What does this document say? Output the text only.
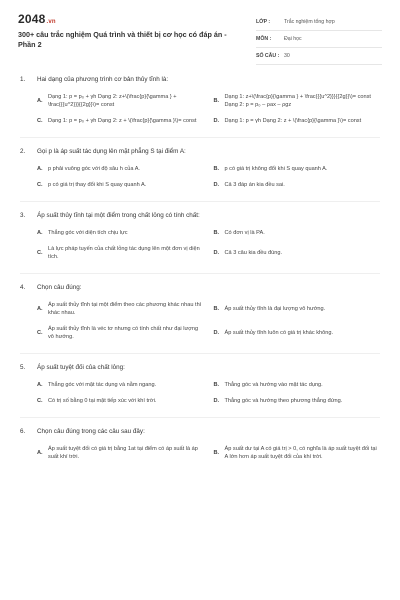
2048.vn
300+ câu trắc nghiệm Quá trình và thiết bị cơ học có đáp án - Phần 2
LỚP :	Trắc nghiệm tổng hợp
MÔN :	Đại học
SỐ CÂU : 30
1. Hai dạng của phương trình cơ bản thủy tĩnh là:
A.
Dạng 1: p = p₀ + γh Dạng 2: z+\(\frac{p}{\gamma } + \frac{{{u^2}}}{{2g}}\)= const
B.
Dạng 1: z+\(\frac{p}{\gamma } + \frac{{{u^2}}}{{2g}}\)= const Dạng 2: p = p₀ – ρax – ρgz
C. Dạng 1: p = p₀ + γh Dạng 2: z + \(\frac{p}{\gamma }\)= const	D. Dạng 1: p = γh Dạng 2: z + \(\frac{p}{\gamma }\)= const
2. Gọi p là áp suất tác dụng lên mặt phẳng S tại điểm A:
A. p phải vuông góc với độ sâu h của A.	B. p có giá trị không đổi khi S quay quanh A.
C. p có giá trị thay đổi khi S quay quanh A.	D. Cả 3 đáp án kia đều sai.
3. Áp suất thủy tĩnh tại một điểm trong chất lỏng có tính chất:
A. Thẳng góc với diện tích chịu lực	B. Có đơn vị là PA.
C.
Là lực pháp tuyến của chất lỏng tác dụng lên một đơn vị diện tích.
D. Cả 3 câu kia đều đúng.
4. Chọn câu đúng:
A.
Áp suất thủy tĩnh tại một điểm theo các phương khác nhau thì khác nhau.
B. Áp suất thủy tĩnh là đại lượng vô hướng.
C.
Áp suất thủy tĩnh là véc tơ nhưng có tính chất như đại lượng vô hướng.
D. Áp suất thủy tĩnh luôn có giá trị khác không.
5. Áp suất tuyệt đối của chất lỏng:
A. Thẳng góc với mặt tác dụng và nằm ngang.	B. Thẳng góc và hướng vào mặt tác dụng.
C. Có trị số bằng 0 tại mặt tiếp xúc với khí trời.	D. Thẳng góc và hướng theo phương thẳng đứng.
6. Chọn câu đúng trong các câu sau đây:
A.
Áp suất tuyệt đối có giá trị bằng 1at tại điểm có áp suất là áp suất khí trời.
B.
Áp suất dư tại A có giá trị > 0, có nghĩa là áp suất tuyệt đối tại A lớn hơn áp suất tuyệt đối của khí trời.
